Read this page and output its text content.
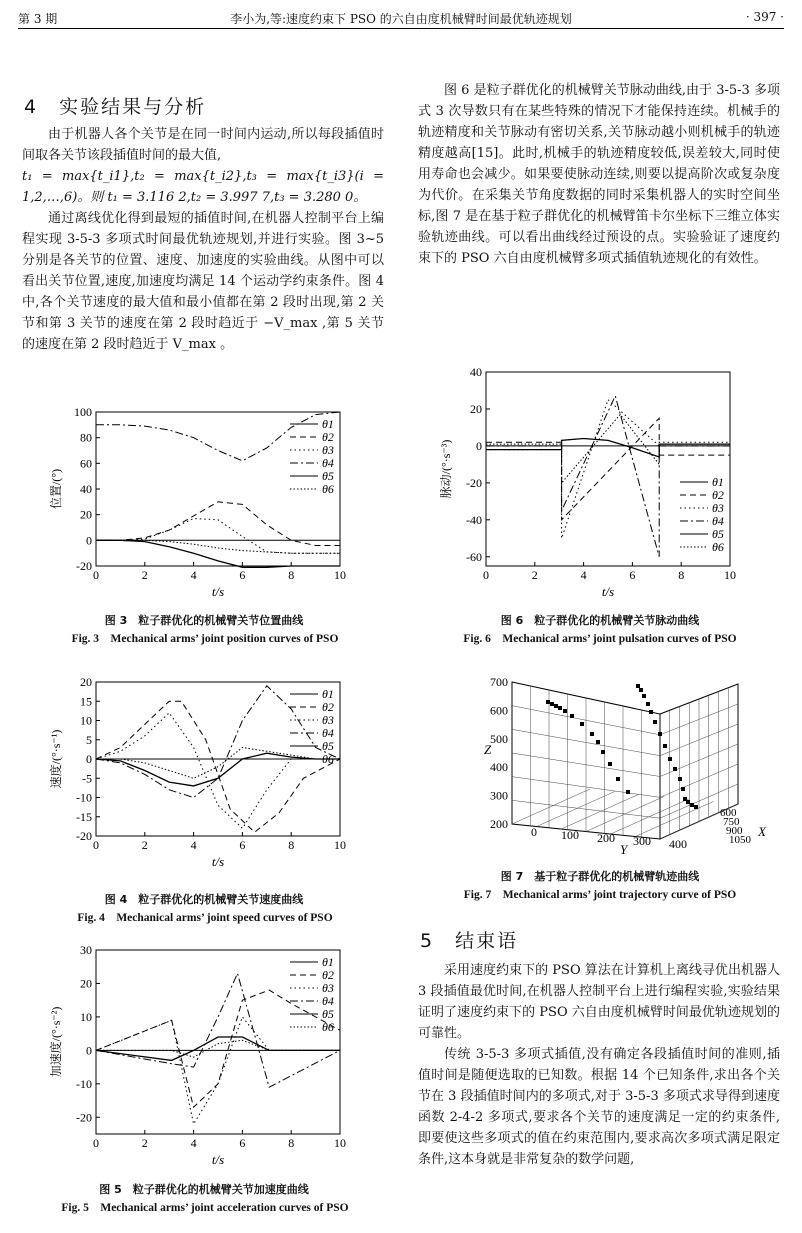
第 3 期	李小为,等:速度约束下 PSO 的六自由度机械臂时间最优轨迹规划	· 397 ·
4　实验结果与分析

由于机器人各个关节是在同一时间内运动,所以每段插值时间取各关节该段插值时间的最大值,

t₁ = max{t_i1},t₂ = max{t_i2},t₃ = max{t_i3}(i = 1,2,…,6)。则 t₁ = 3.116 2,t₂ = 3.997 7,t₃ = 3.280 0。

通过离线优化得到最短的插值时间,在机器人控制平台上编程实现 3-5-3 多项式时间最优轨迹规划,并进行实验。图 3~5 分别是各关节的位置、速度、加速度的实验曲线。从图中可以看出关节位置,速度,加速度均满足 14 个运动学约束条件。图 4 中,各个关节速度的最大值和最小值都在第 2 段时出现,第 2 关节和第 3 关节的速度在第 2 段时趋近于 −V_max ,第 5 关节的速度在第 2 段时趋近于 V_max 。

图 6 是粒子群优化的机械臂关节脉动曲线,由于 3-5-3 多项式 3 次导数只有在某些特殊的情况下才能保持连续。机械手的轨迹精度和关节脉动有密切关系,关节脉动越小则机械手的轨迹精度越高[15]。此时,机械手的轨迹精度较低,误差较大,同时使用寿命也会减少。如果要使脉动连续,则要以提高阶次或复杂度为代价。在采集关节角度数据的同时采集机器人的实时空间坐标,图 7 是在基于粒子群优化的机械臂笛卡尔坐标下三维立体实验轨迹曲线。可以看出曲线经过预设的点。实验验证了速度约束下的 PSO 六自由度机械臂多项式插值轨迹规化的有效性。

0	2	4	6	8	10
-20
0
20
40
60
80
100
t/s
位置/(°)
θ1
θ2
θ3
θ4
θ5
θ6
图 3　粒子群优化的机械臂关节位置曲线
Fig. 3　Mechanical arms’ joint position curves of PSO
0	2	4	6	8	10
-20
-15
-10
-5
0
5
10
15
20
t/s
速度/(°·s⁻¹)
θ1
θ2
θ3
θ4
θ5
θ6
图 4　粒子群优化的机械臂关节速度曲线
Fig. 4　Mechanical arms’ joint speed curves of PSO
0	2	4	6	8	10
-20
-10
0
10
20
30
t/s
加速度/(°·s⁻²)
θ1
θ2
θ3
θ4
θ5
θ6
图 5　粒子群优化的机械臂关节加速度曲线
Fig. 5　Mechanical arms’ joint acceleration curves of PSO
0	2	4	6	8	10
-60
-40
-20
0
20
40
t/s
脉动/(°·s⁻³)	θ1
θ2
θ3
θ4
θ5
θ6
图 6　粒子群优化的机械臂关节脉动曲线
Fig. 6　Mechanical arms’ joint pulsation curves of PSO
200
300
400
500
600
700
Z
0 100 200 300 400
Y
600
750
900
1050
X
图 7　基于粒子群优化的机械臂轨迹曲线
Fig. 7　Mechanical arms’ joint trajectory curve of PSO
5　结束语

采用速度约束下的 PSO 算法在计算机上离线寻优出机器人 3 段插值最优时间,在机器人控制平台上进行编程实验,实验结果证明了速度约束下的 PSO 六自由度机械臂时间最优轨迹规划的可靠性。

传统 3-5-3 多项式插值,没有确定各段插值时间的准则,插值时间是随便选取的已知数。根据 14 个已知条件,求出各个关节在 3 段插值时间内的多项式,对于 3-5-3 多项式求导得到速度函数 2-4-2 多项式,要求各个关节的速度满足一定的约束条件,即要使这些多项式的值在约束范围内,要求高次多项式满足限定条件,这本身就是非常复杂的数学问题,
